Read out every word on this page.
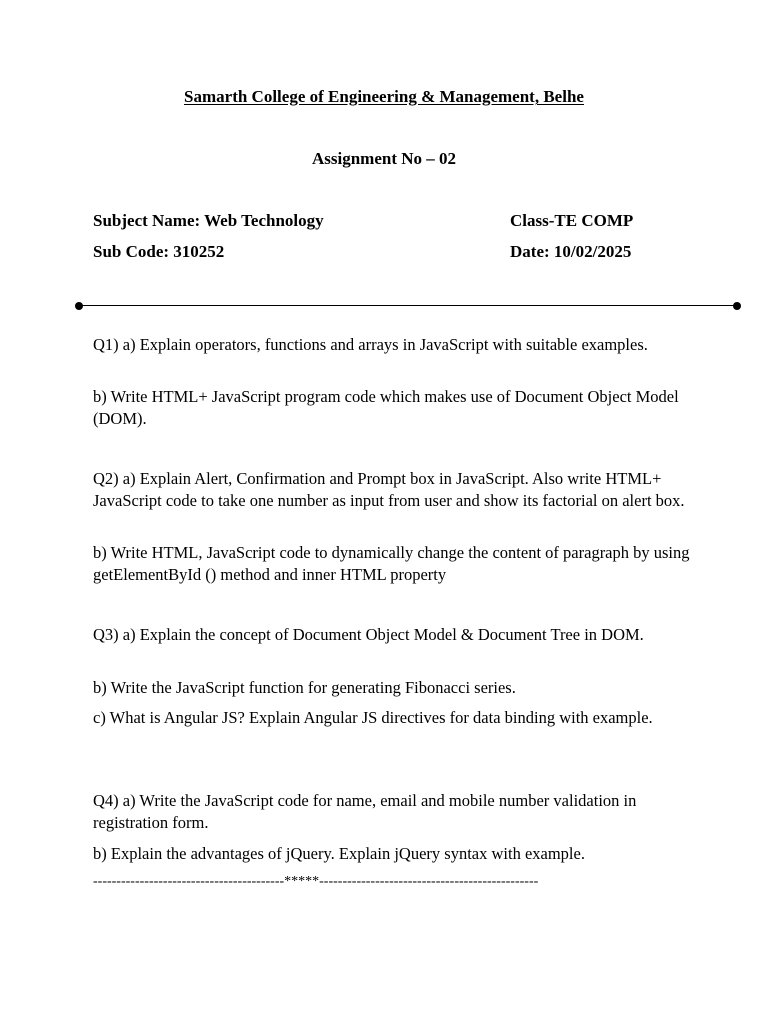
Samarth College of Engineering & Management, Belhe
Assignment No – 02
Subject Name: Web Technology	Class-TE COMP
Sub Code: 310252	Date: 10/02/2025
Q1) a) Explain operators, functions and arrays in JavaScript with suitable examples.
b) Write HTML+ JavaScript program code which makes use of Document Object Model (DOM).
Q2) a) Explain Alert, Confirmation and Prompt box in JavaScript. Also write HTML+ JavaScript code to take one number as input from user and show its factorial on alert box.
b) Write HTML, JavaScript code to dynamically change the content of paragraph by using getElementById () method and inner HTML property
Q3) a) Explain the concept of Document Object Model & Document Tree in DOM.
b) Write the JavaScript function for generating Fibonacci series.
c) What is Angular JS? Explain Angular JS directives for data binding with example.
Q4) a) Write the JavaScript code for name, email and mobile number validation in registration form.
b) Explain the advantages of jQuery. Explain jQuery syntax with example.
-----------------------------------------*****-----------------------------------------------
